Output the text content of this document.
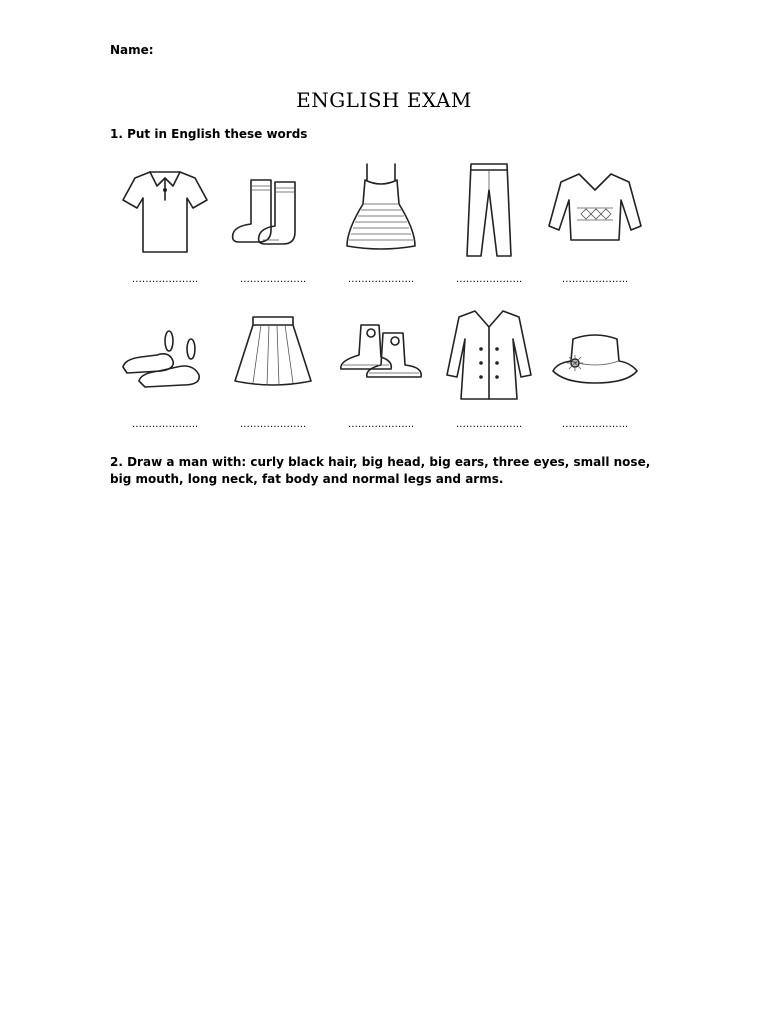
Name:
ENGLISH EXAM
1. Put in English these words
………………..	………………..	………………..	………………..	………………..
………………..	………………..	………………..	………………..	………………..
2. Draw a man with: curly black hair, big head, big ears, three eyes, small nose, big mouth, long neck, fat body and normal legs and arms.
